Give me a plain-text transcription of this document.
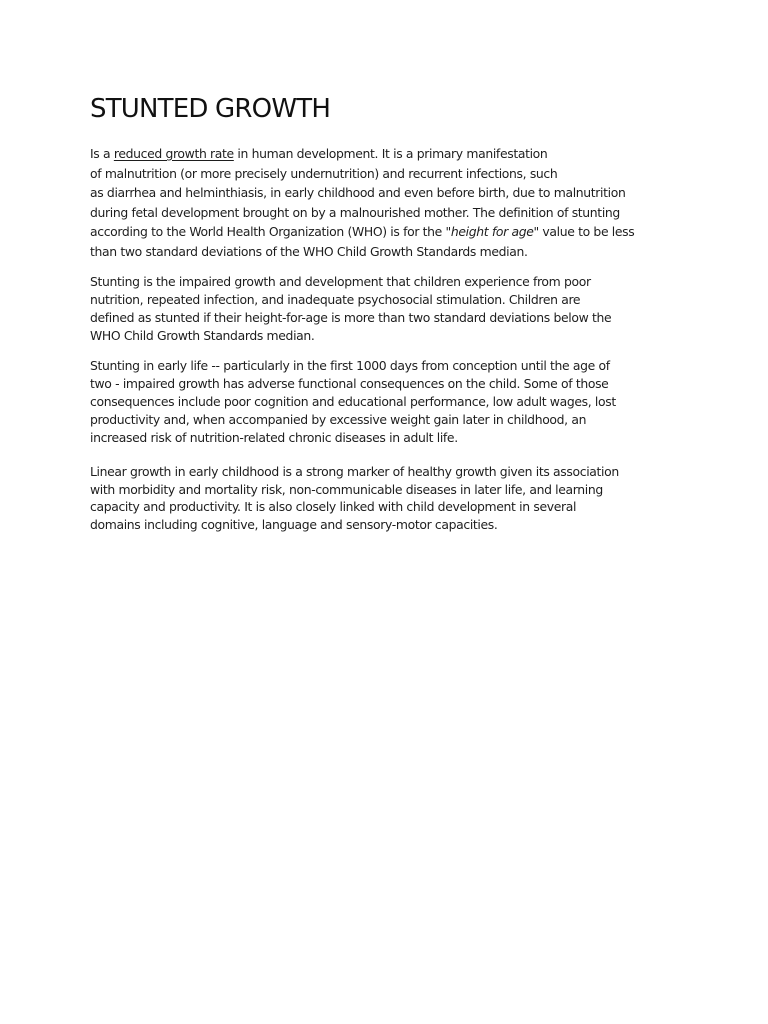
STUNTED GROWTH
Is a reduced growth rate in human development. It is a primary manifestation
of malnutrition (or more precisely undernutrition) and recurrent infections, such
as diarrhea and helminthiasis, in early childhood and even before birth, due to malnutrition
during fetal development brought on by a malnourished mother. The definition of stunting
according to the World Health Organization (WHO) is for the "height for age" value to be less
than two standard deviations of the WHO Child Growth Standards median.
Stunting is the impaired growth and development that children experience from poor
nutrition, repeated infection, and inadequate psychosocial stimulation. Children are
defined as stunted if their height-for-age is more than two standard deviations below the
WHO Child Growth Standards median.
Stunting in early life -- particularly in the first 1000 days from conception until the age of
two - impaired growth has adverse functional consequences on the child. Some of those
consequences include poor cognition and educational performance, low adult wages, lost
productivity and, when accompanied by excessive weight gain later in childhood, an
increased risk of nutrition-related chronic diseases in adult life.
Linear growth in early childhood is a strong marker of healthy growth given its association
with morbidity and mortality risk, non-communicable diseases in later life, and learning
capacity and productivity. It is also closely linked with child development in several
domains including cognitive, language and sensory-motor capacities.
